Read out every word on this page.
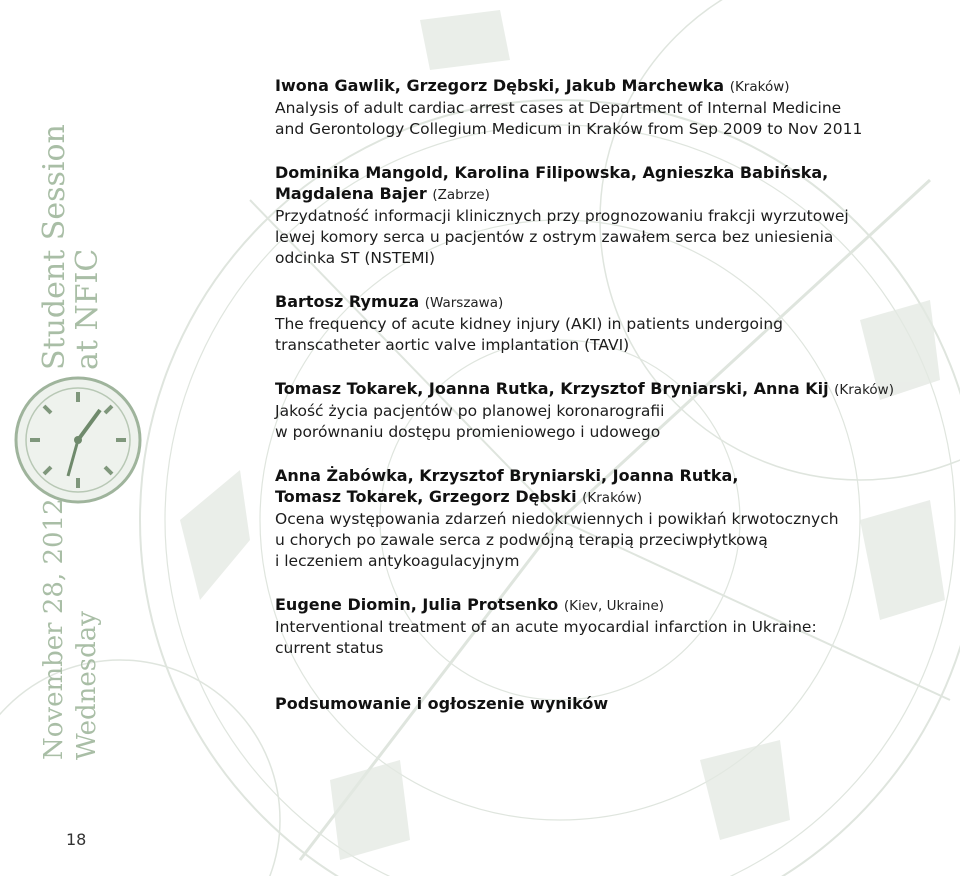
Student Session
at NFIC
November 28, 2012 Wednesday
Iwona Gawlik, Grzegorz Dębski, Jakub Marchewka (Kraków)
Analysis of adult cardiac arrest cases at Department of Internal Medicine
and Gerontology Collegium Medicum in Kraków from Sep 2009 to Nov 2011
Dominika Mangold, Karolina Filipowska, Agnieszka Babińska,
Magdalena Bajer (Zabrze)
Przydatność informacji klinicznych przy prognozowaniu frakcji wyrzutowej
lewej komory serca u pacjentów z ostrym zawałem serca bez uniesienia
odcinka ST (NSTEMI)
Bartosz Rymuza (Warszawa)
The frequency of acute kidney injury (AKI) in patients undergoing
transcatheter aortic valve implantation (TAVI)
Tomasz Tokarek, Joanna Rutka, Krzysztof Bryniarski, Anna Kij (Kraków)
Jakość życia pacjentów po planowej koronarografii
w porównaniu dostępu promieniowego i udowego
Anna Żabówka, Krzysztof Bryniarski, Joanna Rutka,
Tomasz Tokarek, Grzegorz Dębski (Kraków)
Ocena występowania zdarzeń niedokrwiennych i powikłań krwotocznych
u chorych po zawale serca z podwójną terapią przeciwpłytkową
i leczeniem antykoagulacyjnym
Eugene Diomin, Julia Protsenko (Kiev, Ukraine)
Interventional treatment of an acute myocardial infarction in Ukraine:
current status
Podsumowanie i ogłoszenie wyników
18
